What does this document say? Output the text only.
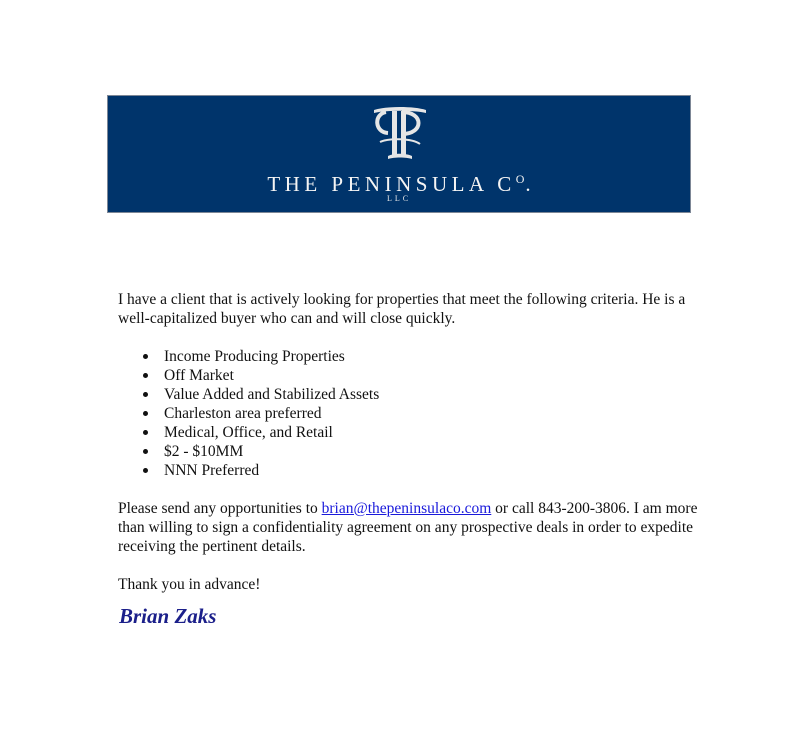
THE PENINSULA $C^O$.
LLC

I have a client that is actively looking for properties that meet the following criteria. He is a well-capitalized buyer who can and will close quickly.

Income Producing Properties
Off Market
Value Added and Stabilized Assets
Charleston area preferred
Medical, Office, and Retail
$2 - $10MM
NNN Preferred

Please send any opportunities to brian@thepeninsulaco.com or call 843-200-3806. I am more than willing to sign a confidentiality agreement on any prospective deals in order to expedite receiving the pertinent details.

Thank you in advance!

Brian Zaks
